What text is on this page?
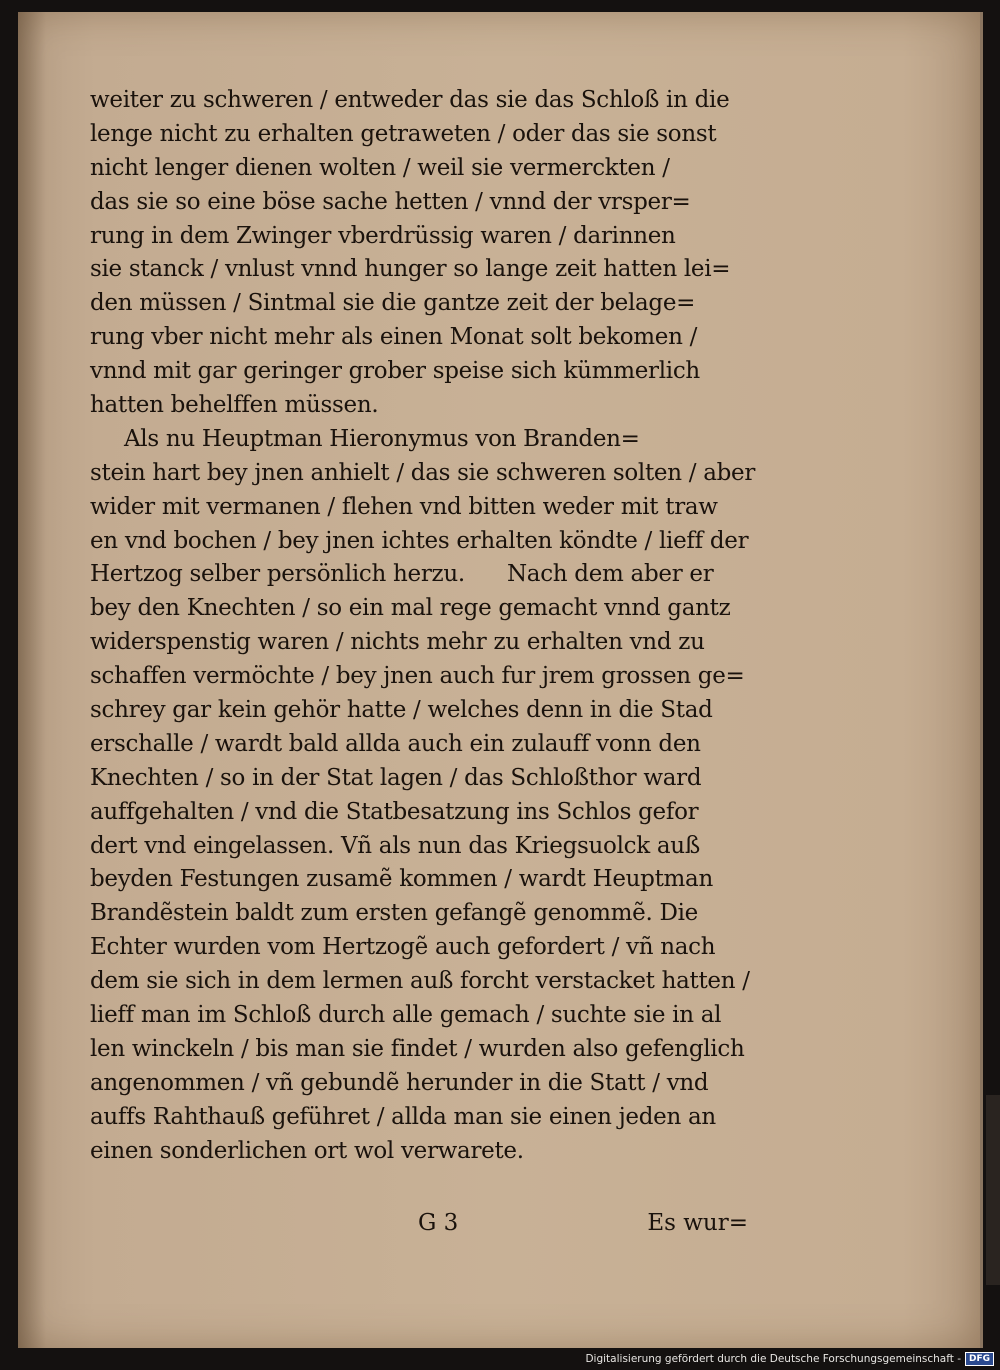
weiter zu schweren / entweder das sie das Schloß in die
lenge nicht zu erhalten getraweten / oder das sie sonst
nicht lenger dienen wolten / weil sie vermerckten /
das sie so eine böse sache hetten / vnnd der vrsper=
rung in dem Zwinger vberdrüssig waren / darinnen
sie stanck / vnlust vnnd hunger so lange zeit hatten lei=
den müssen / Sintmal sie die gantze zeit der belage=
rung vber nicht mehr als einen Monat solt bekomen /
vnnd mit gar geringer grober speise sich kümmerlich
hatten behelffen müssen.
Als nu Heuptman Hieronymus von Branden=
stein hart bey jnen anhielt / das sie schweren solten / aber
wider mit vermanen / flehen vnd bitten weder mit traw
en vnd bochen / bey jnen ichtes erhalten köndte / lieff der
Hertzog selber persönlich herzu.      Nach dem aber er
bey den Knechten / so ein mal rege gemacht vnnd gantz
widerspenstig waren / nichts mehr zu erhalten vnd zu
schaffen vermöchte / bey jnen auch fur jrem grossen ge=
schrey gar kein gehör hatte / welches denn in die Stad
erschalle / wardt bald allda auch ein zulauff vonn den
Knechten / so in der Stat lagen / das Schloßthor ward
auffgehalten / vnd die Statbesatzung ins Schlos gefor
dert vnd eingelassen. Vñ als nun das Kriegsuolck auß
beyden Festungen zusamẽ kommen / wardt Heuptman
Brandẽstein baldt zum ersten gefangẽ genommẽ. Die
Echter wurden vom Hertzogẽ auch gefordert / vñ nach
dem sie sich in dem lermen auß forcht verstacket hatten /
lieff man im Schloß durch alle gemach / suchte sie in al
len winckeln / bis man sie findet / wurden also gefenglich
angenommen / vñ gebundẽ herunder in die Statt / vnd
auffs Rahthauß geführet / allda man sie einen jeden an
einen sonderlichen ort wol verwarete.
G 3	Es wur=
Digitalisierung gefördert durch die Deutsche Forschungsgemeinschaft - DFG
